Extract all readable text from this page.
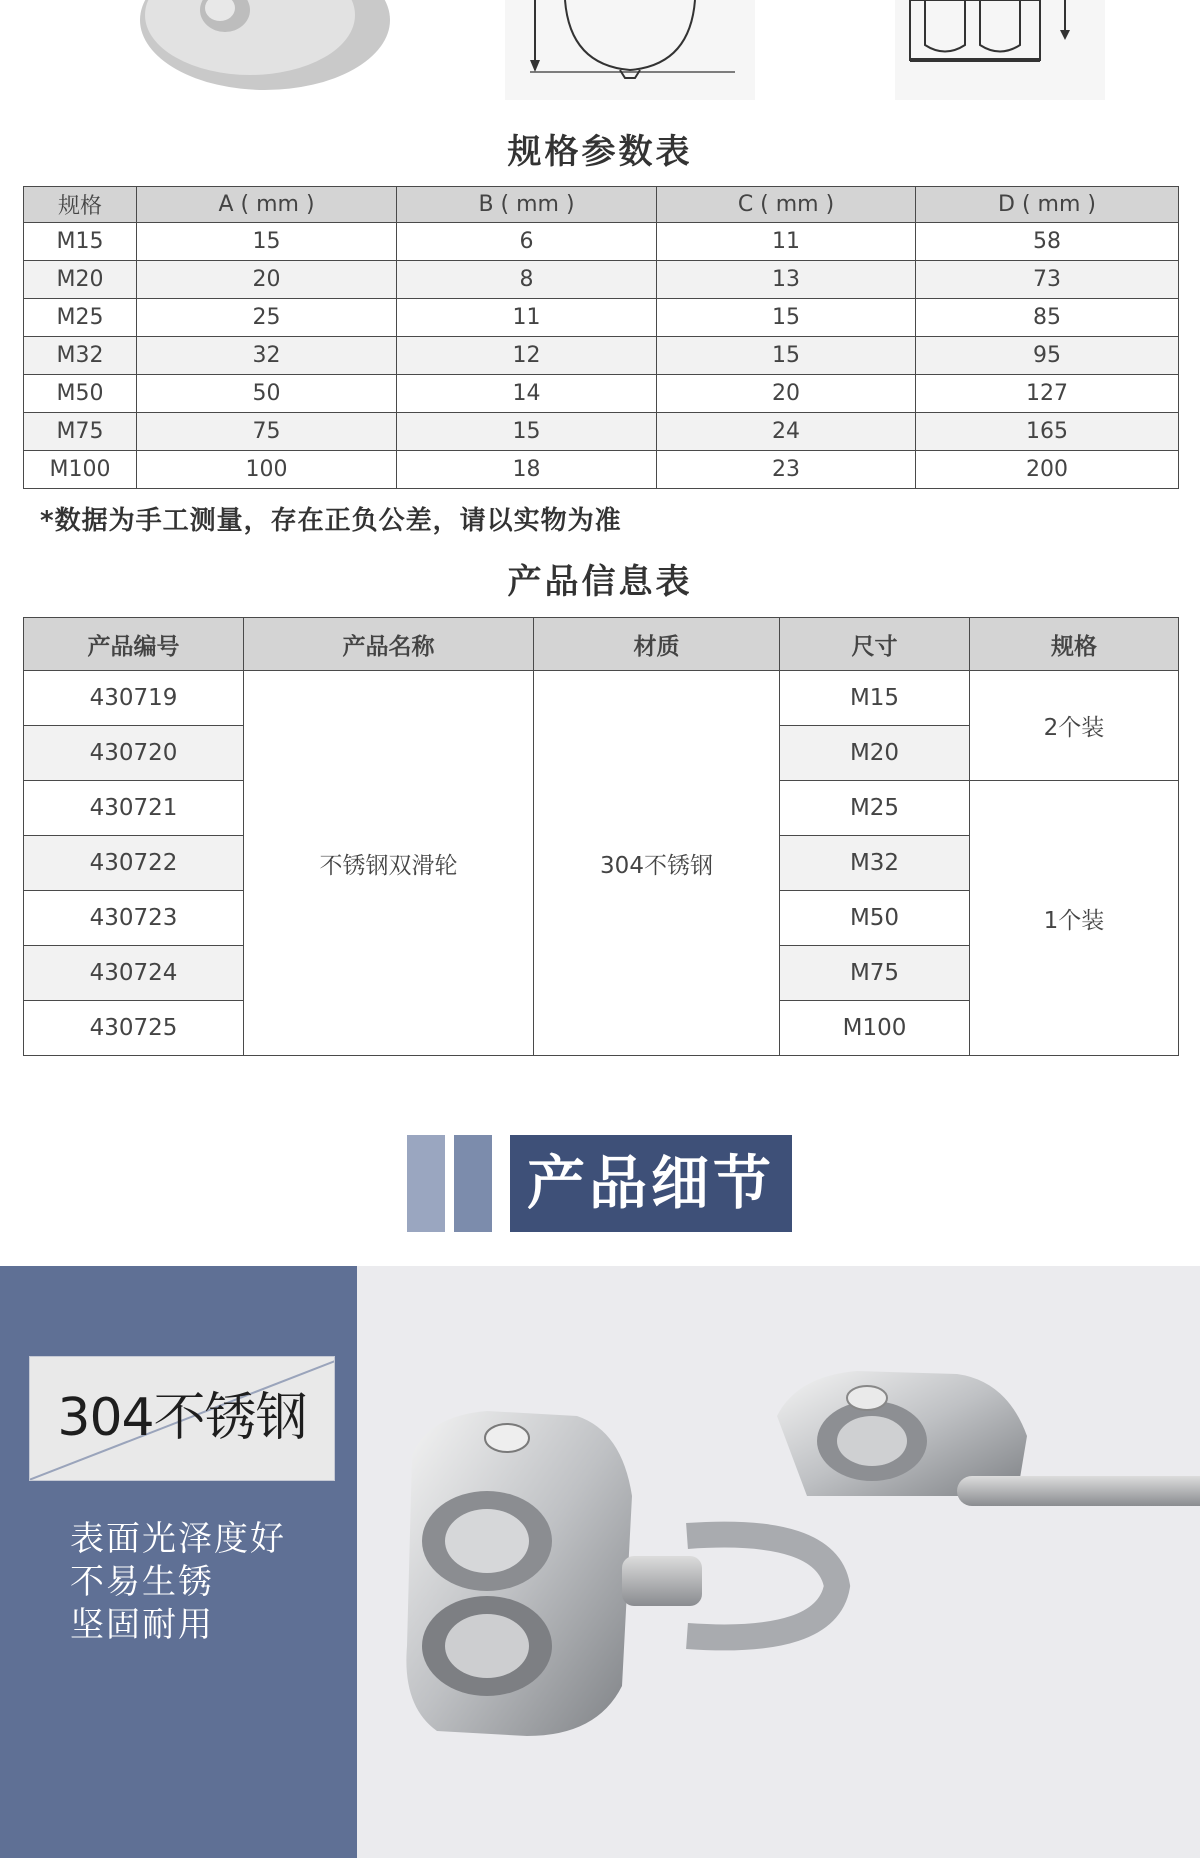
规格参数表
规格	A ( mm )	B ( mm )	C ( mm )	D ( mm )
M15	15	6	11	58
M20	20	8	13	73
M25	25	11	15	85
M32	32	12	15	95
M50	50	14	20	127
M75	75	15	24	165
M100	100	18	23	200
*数据为手工测量，存在正负公差，请以实物为准
产品信息表
产品编号	产品名称	材质	尺寸	规格
430719	不锈钢双滑轮	304不锈钢	M15	2个装
430720			M20	
430721			M25	1个装
430722			M32	
430723			M50	
430724			M75	
430725			M100	
产品细节
304不锈钢
表面光泽度好
不易生锈
坚固耐用
